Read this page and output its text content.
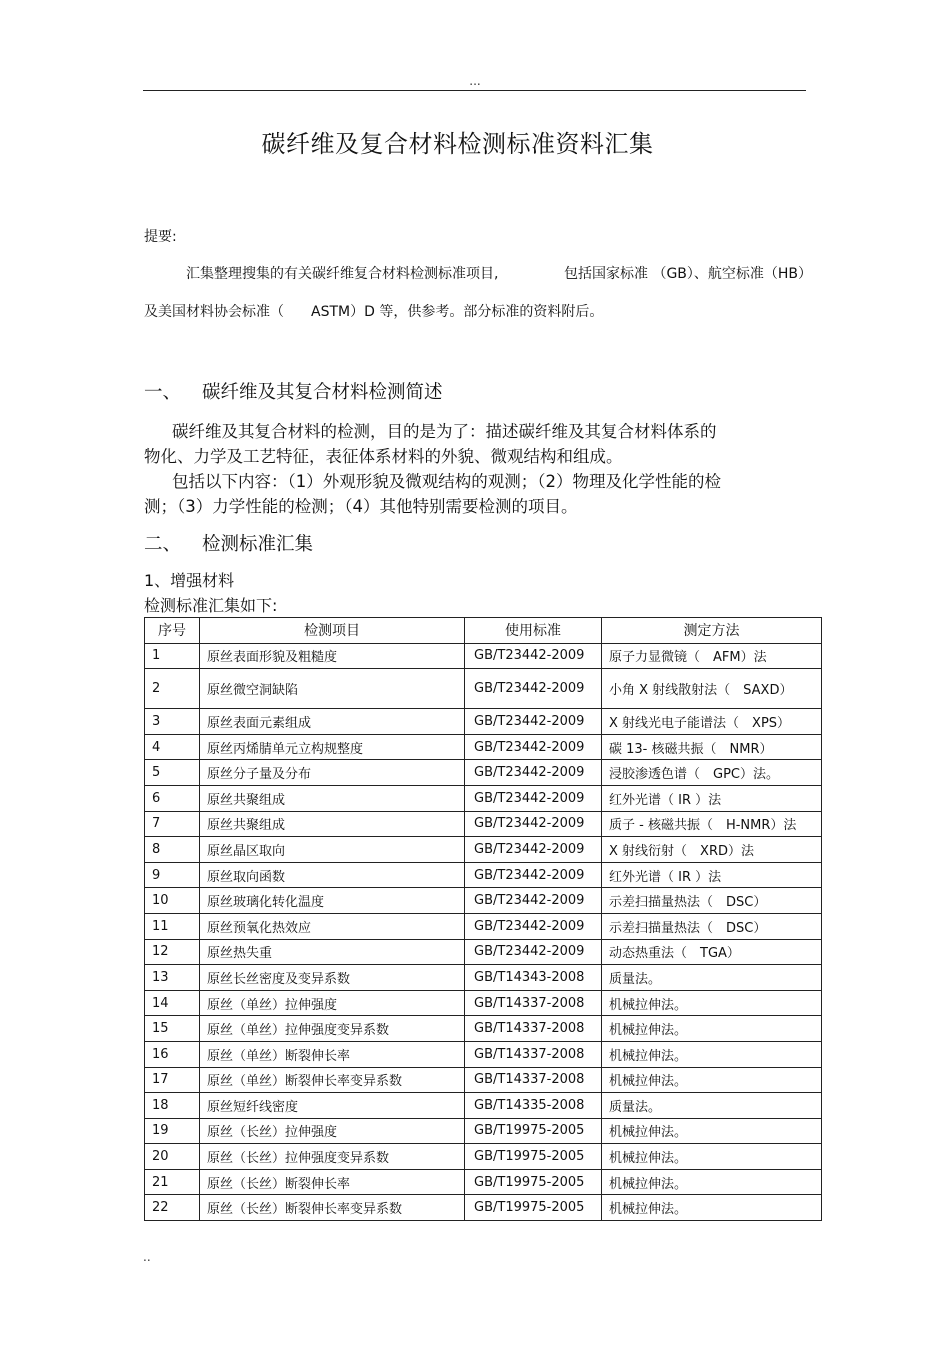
...
碳纤维及复合材料检测标准资料汇集
提要:
汇集整理搜集的有关碳纤维复合材料检测标准项目,	包括国家标准 （GB）、航空标准（HB）
及美国材料协会标准（ ASTM）D 等，供参考。部分标准的资料附后。
一、 碳纤维及其复合材料检测简述
碳纤维及其复合材料的检测，目的是为了：描述碳纤维及其复合材料体系的
物化、力学及工艺特征，表征体系材料的外貌、微观结构和组成。
包括以下内容：（1）外观形貌及微观结构的观测；（2）物理及化学性能的检
测；（3）力学性能的检测；（4）其他特别需要检测的项目。
二、 检测标准汇集
1、增强材料
检测标准汇集如下:
序号	检测项目	使用标准	测定方法
1	原丝表面形貌及粗糙度	GB/T23442-2009	原子力显微镜（　AFM）法
2	原丝微空洞缺陷	GB/T23442-2009	小角 X 射线散射法（　SAXD）
3	原丝表面元素组成	GB/T23442-2009	X 射线光电子能谱法（　XPS）
4	原丝丙烯腈单元立构规整度	GB/T23442-2009	碳 13- 核磁共振（　NMR）
5	原丝分子量及分布	GB/T23442-2009	浸胶渗透色谱（　GPC）法。
6	原丝共聚组成	GB/T23442-2009	红外光谱（ IR ）法
7	原丝共聚组成	GB/T23442-2009	质子 - 核磁共振（　H-NMR）法
8	原丝晶区取向	GB/T23442-2009	X 射线衍射（　XRD）法
9	原丝取向函数	GB/T23442-2009	红外光谱（ IR ）法
10	原丝玻璃化转化温度	GB/T23442-2009	示差扫描量热法（　DSC）
11	原丝预氧化热效应	GB/T23442-2009	示差扫描量热法（　DSC）
12	原丝热失重	GB/T23442-2009	动态热重法（　TGA）
13	原丝长丝密度及变异系数	GB/T14343-2008	质量法。
14	原丝（单丝）拉伸强度	GB/T14337-2008	机械拉伸法。
15	原丝（单丝）拉伸强度变异系数	GB/T14337-2008	机械拉伸法。
16	原丝（单丝）断裂伸长率	GB/T14337-2008	机械拉伸法。
17	原丝（单丝）断裂伸长率变异系数	GB/T14337-2008	机械拉伸法。
18	原丝短纤线密度	GB/T14335-2008	质量法。
19	原丝（长丝）拉伸强度	GB/T19975-2005	机械拉伸法。
20	原丝（长丝）拉伸强度变异系数	GB/T19975-2005	机械拉伸法。
21	原丝（长丝）断裂伸长率	GB/T19975-2005	机械拉伸法。
22	原丝（长丝）断裂伸长率变异系数	GB/T19975-2005	机械拉伸法。
..
